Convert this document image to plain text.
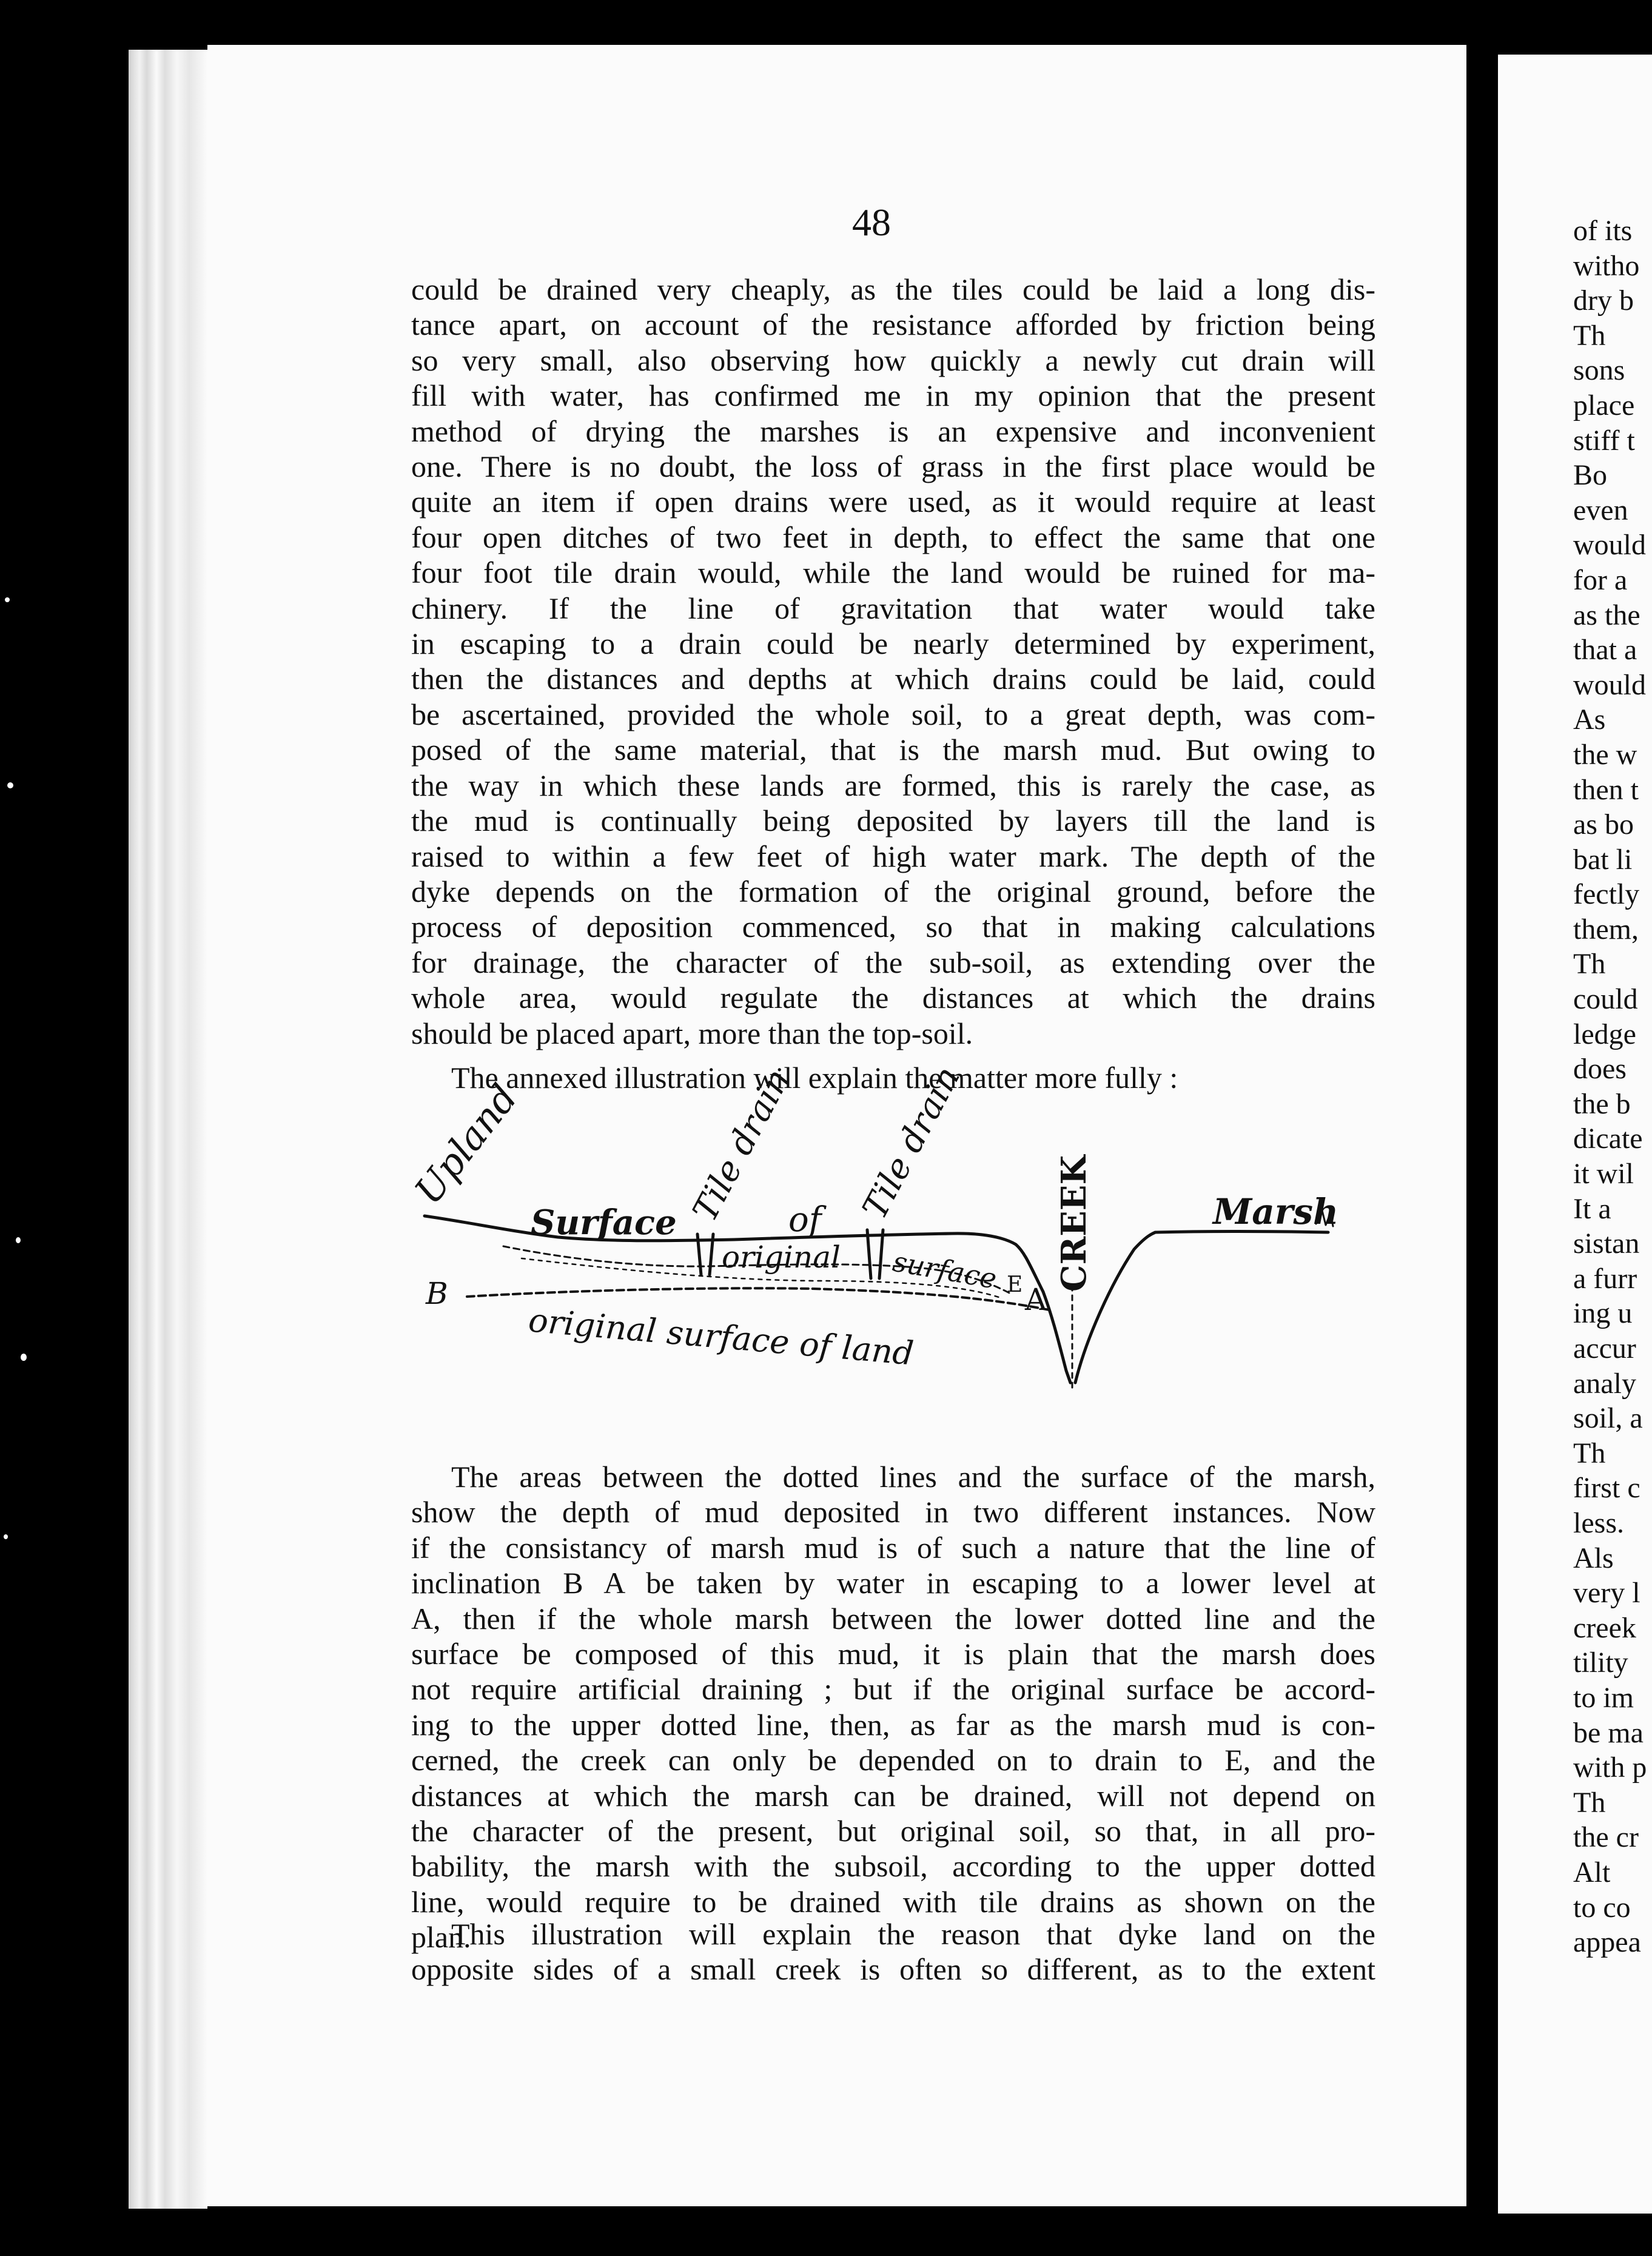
48
could be drained very cheaply, as the tiles could be laid a long dis-
tance apart, on account of the resistance afforded by friction being
so very small, also observing how quickly a newly cut drain will
fill with water, has confirmed me in my opinion that the present
method of drying the marshes is an expensive and inconvenient
one. There is no doubt, the loss of grass in the first place would be
quite an item if open drains were used, as it would require at least
four open ditches of two feet in depth, to effect the same that one
four foot tile drain would, while the land would be ruined for ma-
chinery. If the line of gravitation that water would take
in escaping to a drain could be nearly determined by experiment,
then the distances and depths at which drains could be laid, could
be ascertained, provided the whole soil, to a great depth, was com-
posed of the same material, that is the marsh mud. But owing to
the way in which these lands are formed, this is rarely the case, as
the mud is continually being deposited by layers till the land is
raised to within a few feet of high water mark. The depth of the
dyke depends on the formation of the original ground, before the
process of deposition commenced, so that in making calculations
for drainage, the character of the sub-soil, as extending over the
whole area, would regulate the distances at which the drains
should be placed apart, more than the top-soil.
The annexed illustration will explain the matter more fully :
Upland
Surface Tile drain
of Tile drain	CREEK	Marsh
original surface
B	E A
original surface of land
The areas between the dotted lines and the surface of the marsh,
show the depth of mud deposited in two different instances. Now
if the consistancy of marsh mud is of such a nature that the line of
inclination B A be taken by water in escaping to a lower level at
A, then if the whole marsh between the lower dotted line and the
surface be composed of this mud, it is plain that the marsh does
not require artificial draining ; but if the original surface be accord-
ing to the upper dotted line, then, as far as the marsh mud is con-
cerned, the creek can only be depended on to drain to E, and the
distances at which the marsh can be drained, will not depend on
the character of the present, but original soil, so that, in all pro-
bability, the marsh with the subsoil, according to the upper dotted
line, would require to be drained with tile drains as shown on the
plan.
This illustration will explain the reason that dyke land on the
opposite sides of a small creek is often so different, as to the extent
of its
witho
dry b
Th
sons
place
stiff t
Bo
even
would
for a
as the
that a
would
As
the w
then t
as bo
bat li
fectly
them,
Th
could
ledge
does
the b
dicate
it wil
It a
sistan
a furr
ing u
accur
analy
soil, a
Th
first c
less.
Als
very l
creek
tility
to im
be ma
with p
Th
the cr
Alt
to co
appea
